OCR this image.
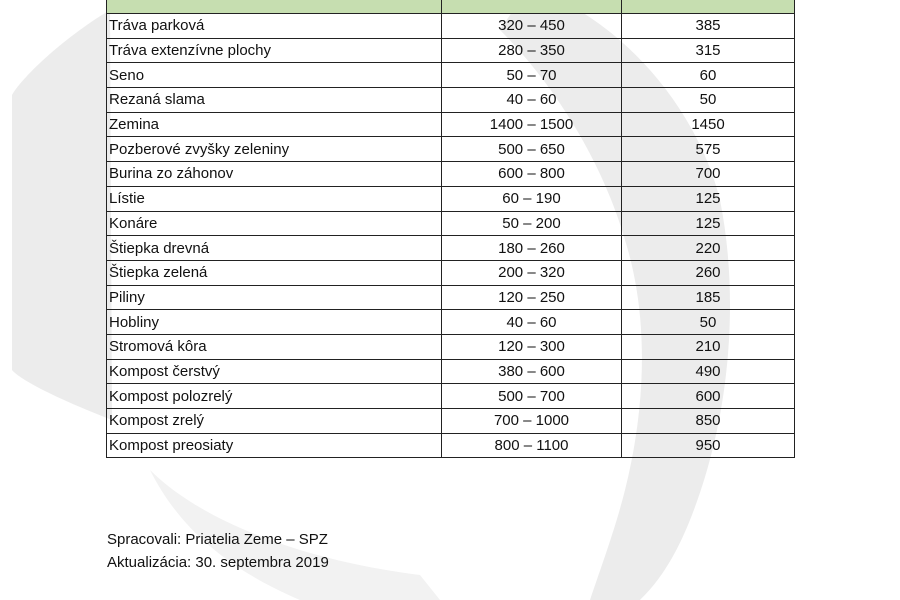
Tráva parková	320 – 450	385
Tráva extenzívne plochy	280 – 350	315
Seno	50 – 70	60
Rezaná slama	40 – 60	50
Zemina	1400 – 1500	1450
Pozberové zvyšky zeleniny	500 – 650	575
Burina zo záhonov	600 – 800	700
Lístie	60 – 190	125
Konáre	50 – 200	125
Štiepka drevná	180 – 260	220
Štiepka zelená	200 – 320	260
Piliny	120 – 250	185
Hobliny	40 – 60	50
Stromová kôra	120 – 300	210
Kompost čerstvý	380 – 600	490
Kompost polozrelý	500 – 700	600
Kompost zrelý	700 – 1000	850
Kompost preosiaty	800 – 1100	950
Spracovali: Priatelia Zeme – SPZ
Aktualizácia: 30. septembra 2019
